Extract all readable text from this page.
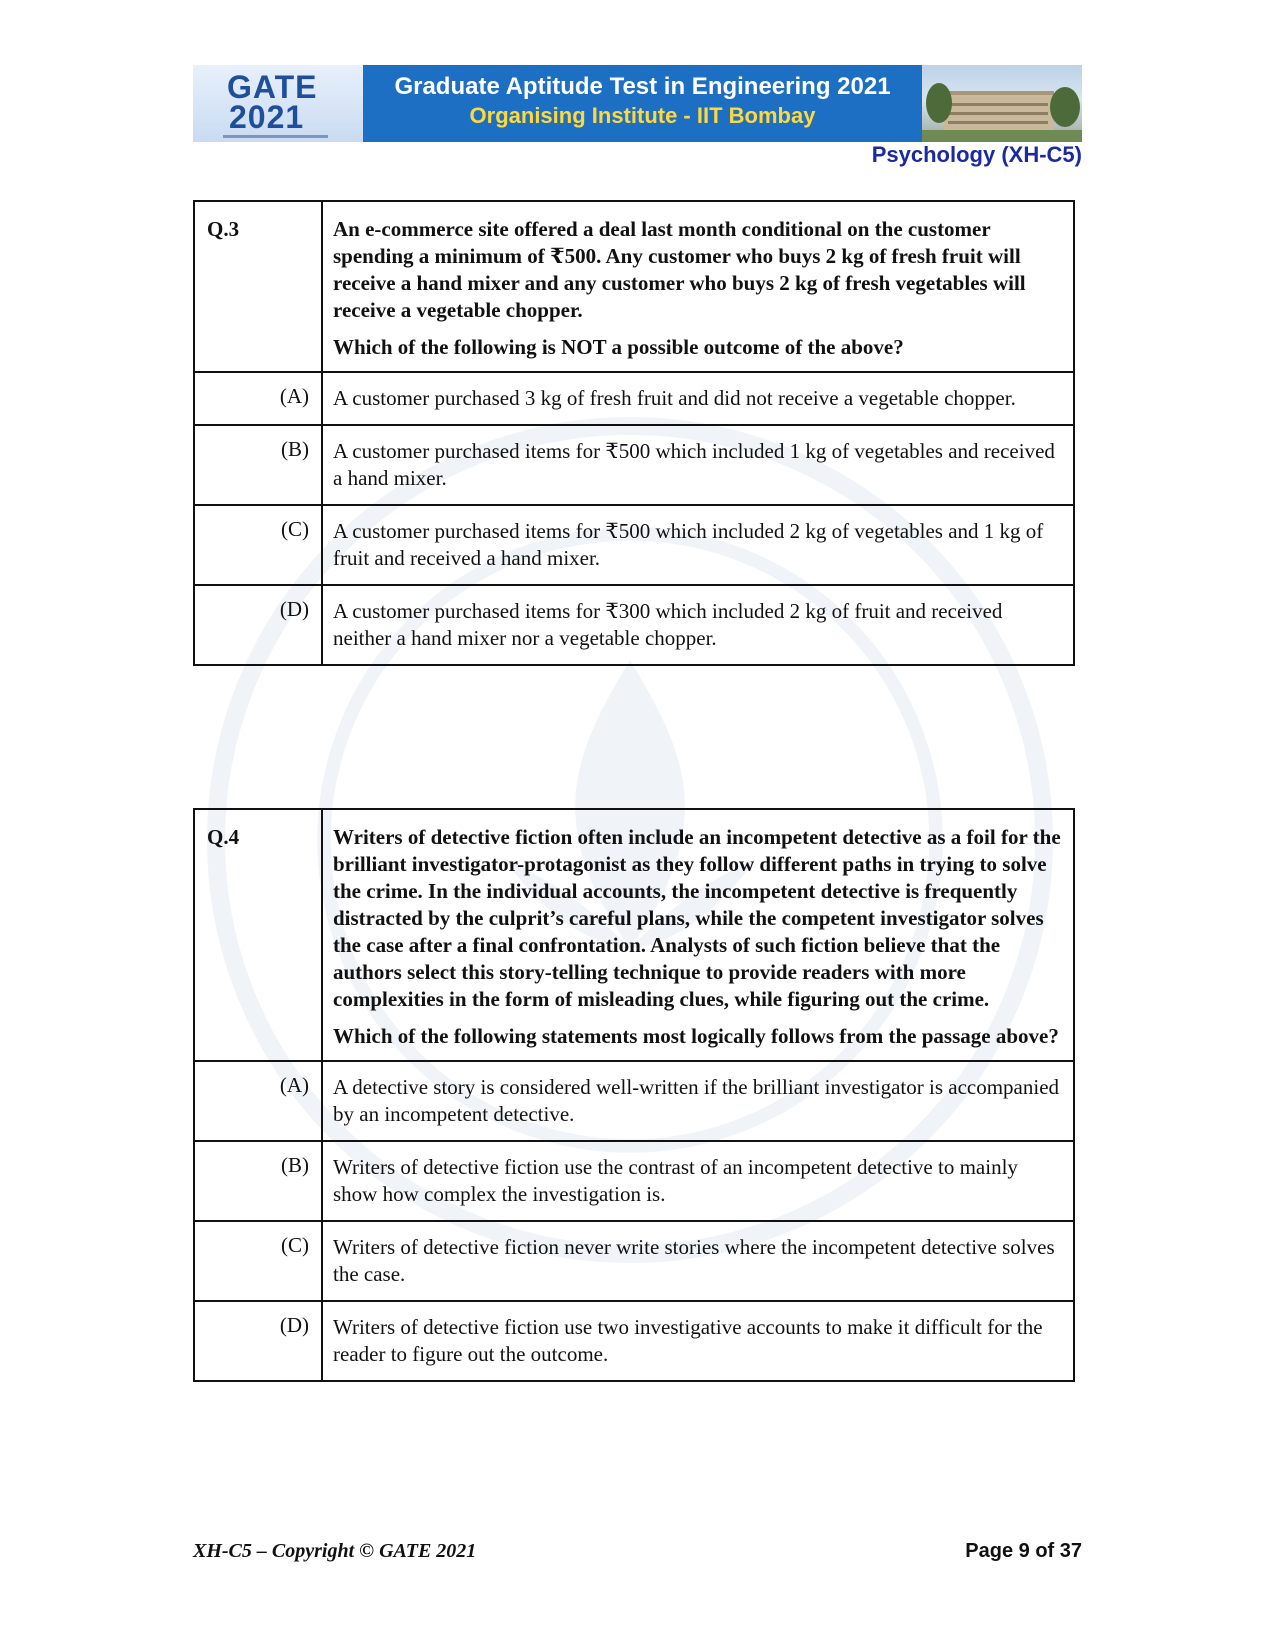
GATE
2021
Graduate Aptitude Test in Engineering 2021
Organising Institute - IIT Bombay
Psychology (XH-C5)
Q.3	An e-commerce site offered a deal last month conditional on the customer spending a minimum of ₹500. Any customer who buys 2 kg of fresh fruit will receive a hand mixer and any customer who buys 2 kg of fresh vegetables will receive a vegetable chopper.

Which of the following is NOT a possible outcome of the above?

(A)	A customer purchased 3 kg of fresh fruit and did not receive a vegetable chopper.
(B)	A customer purchased items for ₹500 which included 1 kg of vegetables and received a hand mixer.
(C)	A customer purchased items for ₹500 which included 2 kg of vegetables and 1 kg of fruit and received a hand mixer.
(D)	A customer purchased items for ₹300 which included 2 kg of fruit and received neither a hand mixer nor a vegetable chopper.
Q.4	Writers of detective fiction often include an incompetent detective as a foil for the brilliant investigator-protagonist as they follow different paths in trying to solve the crime. In the individual accounts, the incompetent detective is frequently distracted by the culprit’s careful plans, while the competent investigator solves the case after a final confrontation. Analysts of such fiction believe that the authors select this story-telling technique to provide readers with more complexities in the form of misleading clues, while figuring out the crime.

Which of the following statements most logically follows from the passage above?

(A)	A detective story is considered well-written if the brilliant investigator is accompanied by an incompetent detective.
(B)	Writers of detective fiction use the contrast of an incompetent detective to mainly show how complex the investigation is.
(C)	Writers of detective fiction never write stories where the incompetent detective solves the case.
(D)	Writers of detective fiction use two investigative accounts to make it difficult for the reader to figure out the outcome.
XH-C5 – Copyright © GATE 2021	Page 9 of 37
